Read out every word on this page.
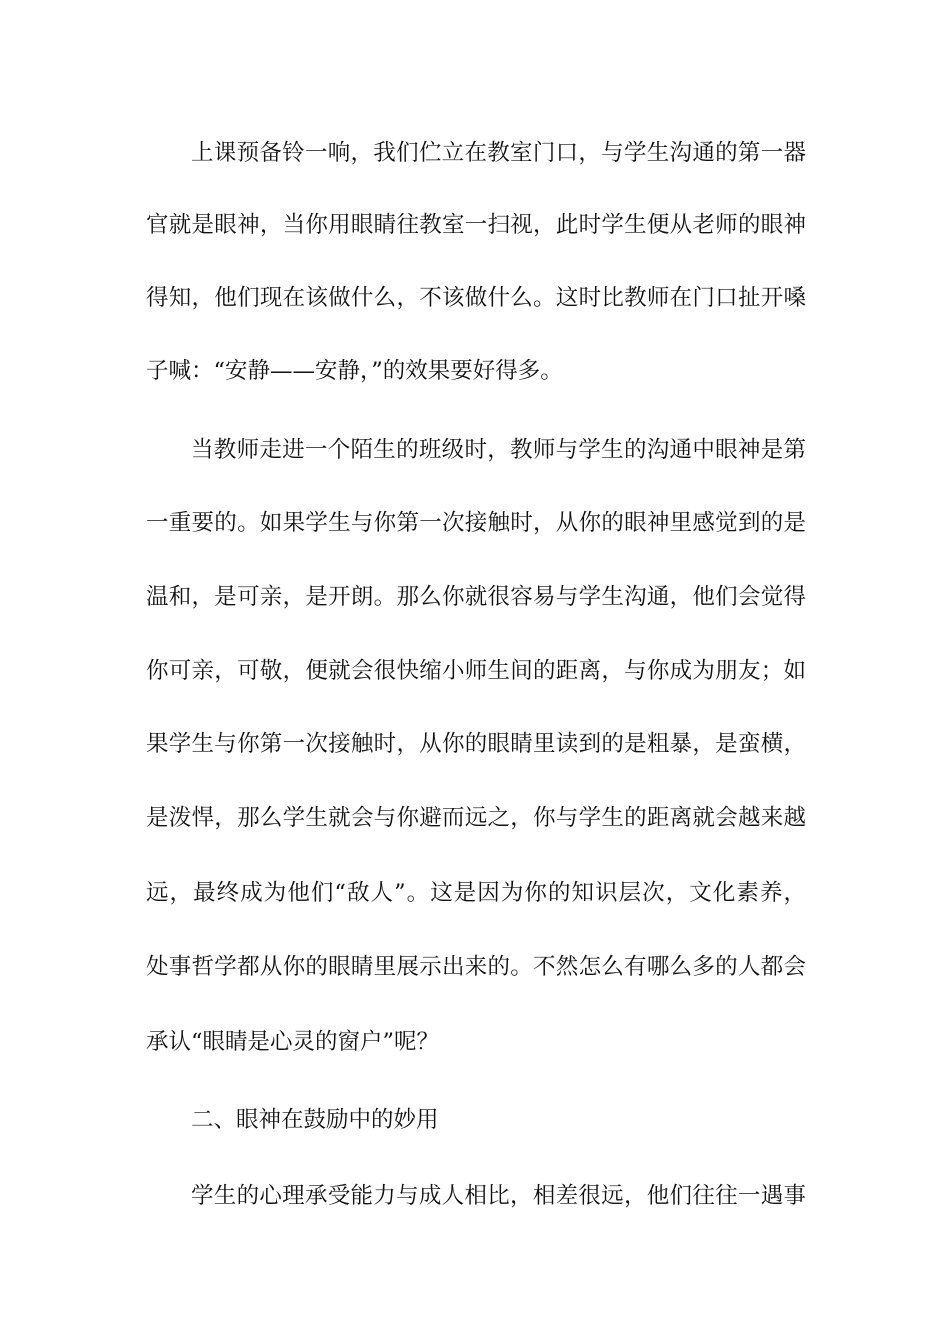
上课预备铃一响，我们伫立在教室门口，与学生沟通的第一器
官就是眼神，当你用眼睛往教室一扫视，此时学生便从老师的眼神
得知，他们现在该做什么，不该做什么。这时比教师在门口扯开嗓
子喊：“安静——安静，”的效果要好得多。
当教师走进一个陌生的班级时，教师与学生的沟通中眼神是第
一重要的。如果学生与你第一次接触时，从你的眼神里感觉到的是
温和，是可亲，是开朗。那么你就很容易与学生沟通，他们会觉得
你可亲，可敬，便就会很快缩小师生间的距离，与你成为朋友；如
果学生与你第一次接触时，从你的眼睛里读到的是粗暴，是蛮横，
是泼悍，那么学生就会与你避而远之，你与学生的距离就会越来越
远，最终成为他们“敌人”。这是因为你的知识层次，文化素养，
处事哲学都从你的眼睛里展示出来的。不然怎么有哪么多的人都会
承认“眼睛是心灵的窗户”呢？
二、眼神在鼓励中的妙用
学生的心理承受能力与成人相比，相差很远，他们往往一遇事
